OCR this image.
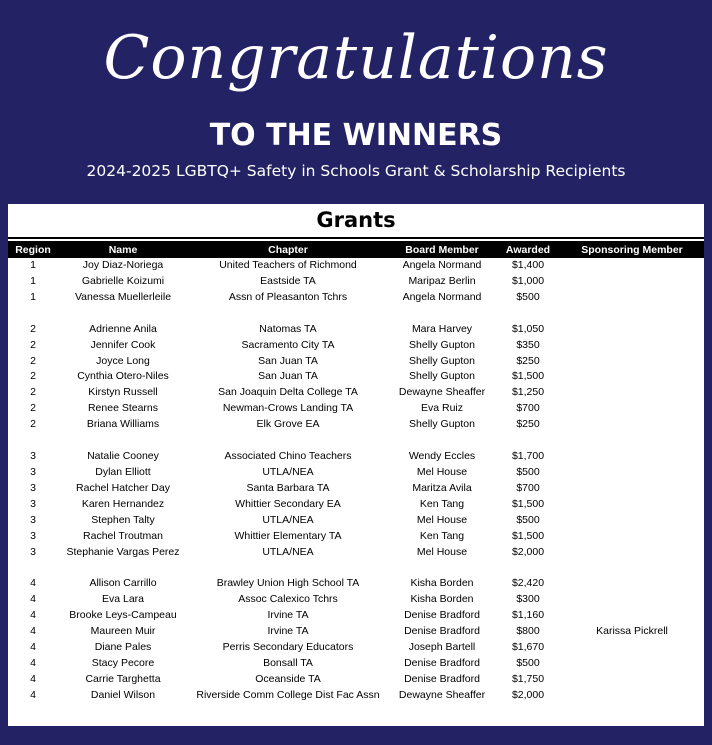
Congratulations
TO THE WINNERS
2024-2025 LGBTQ+ Safety in Schools Grant & Scholarship Recipients
Grants
Region	Name	Chapter	Board Member	Awarded	Sponsoring Member
1	Joy Diaz-Noriega	United Teachers of Richmond	Angela Normand	$1,400	
1	Gabrielle Koizumi	Eastside TA	Maripaz Berlin	$1,000	
1	Vanessa Muellerleile	Assn of Pleasanton Tchrs	Angela Normand	$500	

2	Adrienne Anila	Natomas TA	Mara Harvey	$1,050	
2	Jennifer Cook	Sacramento City TA	Shelly Gupton	$350	
2	Joyce Long	San Juan TA	Shelly Gupton	$250	
2	Cynthia Otero-Niles	San Juan TA	Shelly Gupton	$1,500	
2	Kirstyn Russell	San Joaquin Delta College TA	Dewayne Sheaffer	$1,250	
2	Renee Stearns	Newman-Crows Landing TA	Eva Ruiz	$700	
2	Briana Williams	Elk Grove EA	Shelly Gupton	$250	

3	Natalie Cooney	Associated Chino Teachers	Wendy Eccles	$1,700	
3	Dylan Elliott	UTLA/NEA	Mel House	$500	
3	Rachel Hatcher Day	Santa Barbara TA	Maritza Avila	$700	
3	Karen Hernandez	Whittier Secondary EA	Ken Tang	$1,500	
3	Stephen Talty	UTLA/NEA	Mel House	$500	
3	Rachel Troutman	Whittier Elementary TA	Ken Tang	$1,500	
3	Stephanie Vargas Perez	UTLA/NEA	Mel House	$2,000	

4	Allison Carrillo	Brawley Union High School TA	Kisha Borden	$2,420	
4	Eva Lara	Assoc Calexico Tchrs	Kisha Borden	$300	
4	Brooke Leys-Campeau	Irvine TA	Denise Bradford	$1,160	
4	Maureen Muir	Irvine TA	Denise Bradford	$800	Karissa Pickrell
4	Diane Pales	Perris Secondary Educators	Joseph Bartell	$1,670	
4	Stacy Pecore	Bonsall TA	Denise Bradford	$500	
4	Carrie Targhetta	Oceanside TA	Denise Bradford	$1,750	
4	Daniel Wilson	Riverside Comm College Dist Fac Assn	Dewayne Sheaffer	$2,000	
